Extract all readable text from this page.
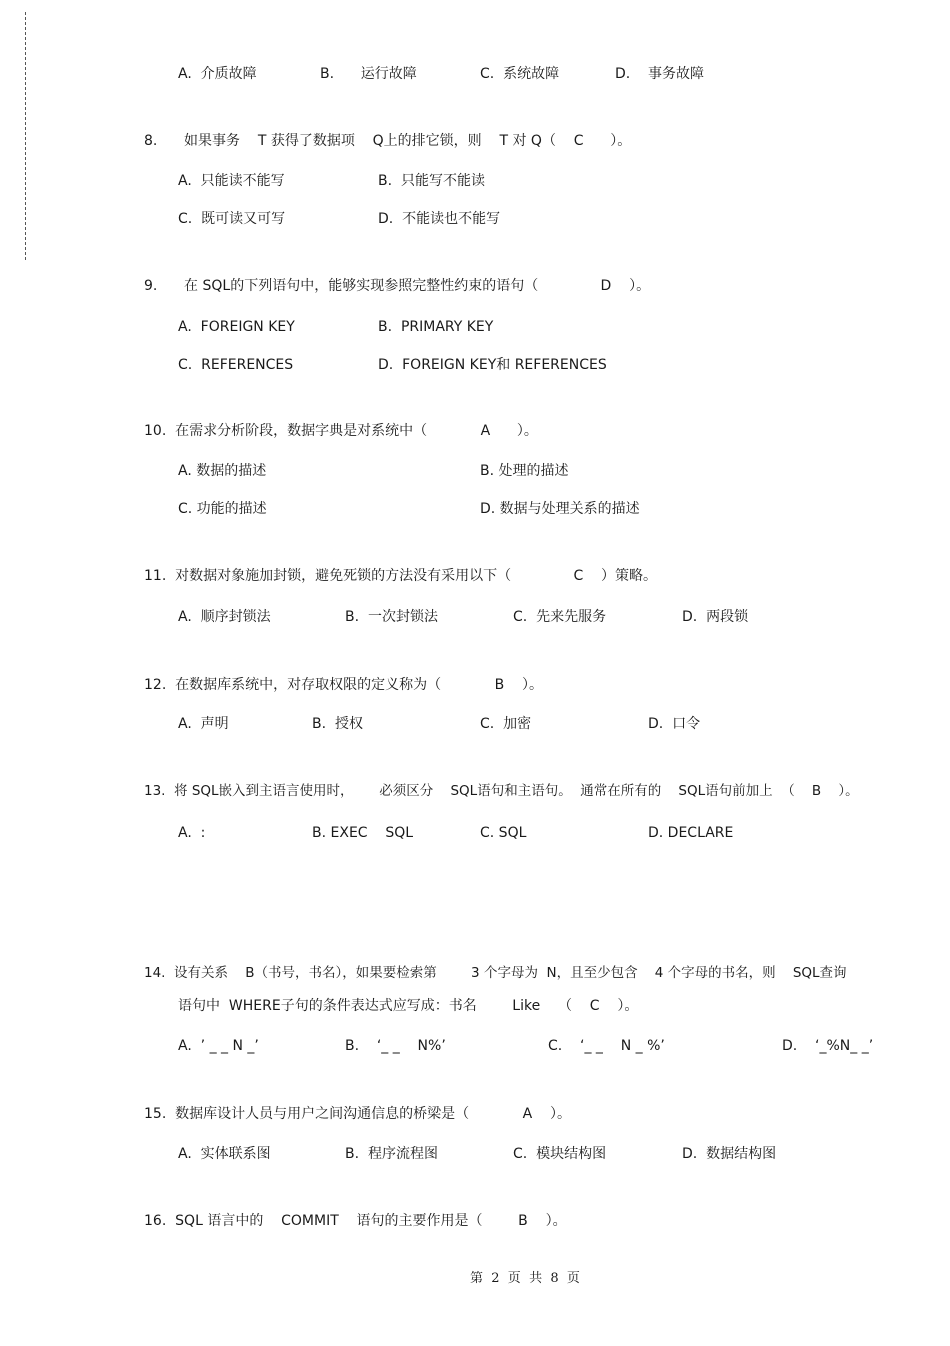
A.  介质故障	B.      运行故障	C.  系统故障	D.    事务故障
8.      如果事务    T 获得了数据项    Q上的排它锁，则    T 对 Q（    C      ）。
A.  只能读不能写	B.  只能写不能读
C.  既可读又可写	D.  不能读也不能写
9.      在 SQL的下列语句中，能够实现参照完整性约束的语句（              D    ）。
A.  FOREIGN KEY	B.  PRIMARY KEY
C.  REFERENCES	D.  FOREIGN KEY和 REFERENCES
10.  在需求分析阶段，数据字典是对系统中（            A      ）。
A. 数据的描述	B. 处理的描述
C. 功能的描述	D. 数据与处理关系的描述
11.  对数据对象施加封锁，避免死锁的方法没有采用以下（              C    ）策略。
A.  顺序封锁法	B.  一次封锁法	C.  先来先服务	D.  两段锁
12.  在数据库系统中，对存取权限的定义称为（            B    ）。
A.  声明	B.  授权	C.  加密	D.  口令
13.  将 SQL嵌入到主语言使用时，      必须区分    SQL语句和主语句。  通常在所有的    SQL语句前加上  （    B    ）。
A.  :	B. EXEC    SQL	C. SQL	D. DECLARE
14.  设有关系    B（书号，书名），如果要检索第        3 个字母为  N，且至少包含    4 个字母的书名，则    SQL查询
语句中  WHERE子句的条件表达式应写成：书名        Like    （    C    ）。
A.  ’ _ _ N _’	B.    ‘_ _    N%’	C.    ‘_ _    N _ %’	D.    ‘_%N_ _’
15.  数据库设计人员与用户之间沟通信息的桥梁是（            A    ）。
A.  实体联系图	B.  程序流程图	C.  模块结构图	D.  数据结构图
16.  SQL 语言中的    COMMIT    语句的主要作用是（        B    ）。
第  2  页  共  8  页
